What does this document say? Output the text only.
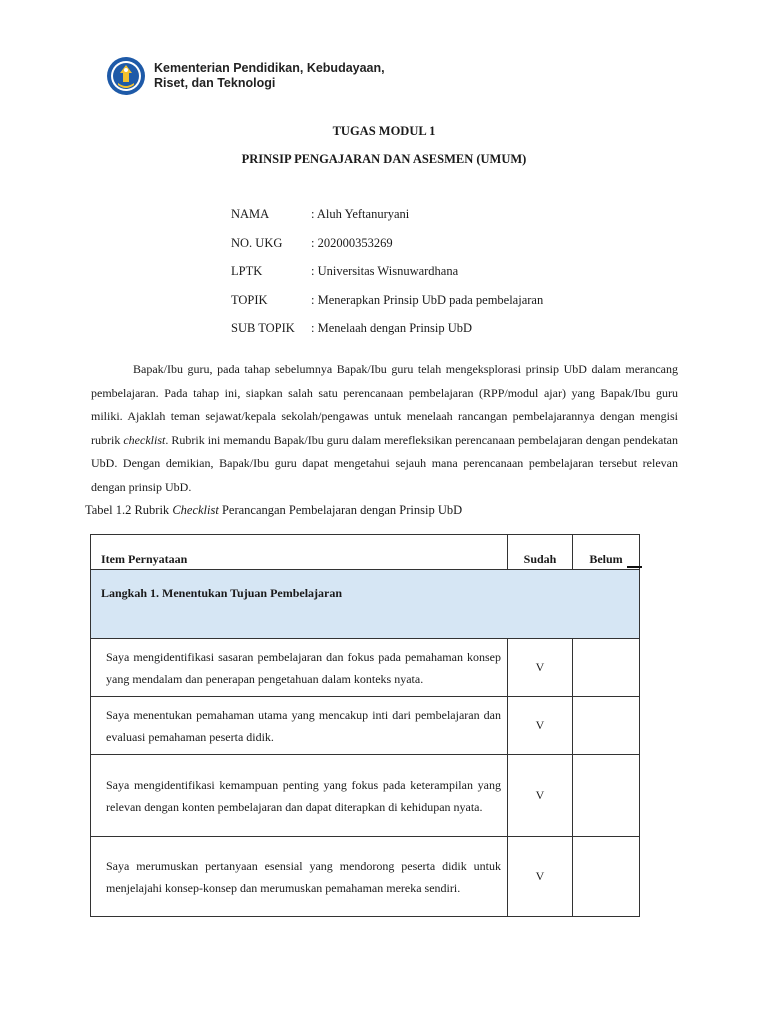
Kementerian Pendidikan, Kebudayaan,
Riset, dan Teknologi
TUGAS MODUL 1
PRINSIP PENGAJARAN DAN ASESMEN (UMUM)
NAMA	: Aluh Yeftanuryani
NO. UKG	: 202000353269
LPTK	: Universitas Wisnuwardhana
TOPIK	: Menerapkan Prinsip UbD pada pembelajaran
SUB TOPIK	: Menelaah dengan Prinsip UbD
Bapak/Ibu guru, pada tahap sebelumnya Bapak/Ibu guru telah mengeksplorasi prinsip UbD dalam merancang pembelajaran. Pada tahap ini, siapkan salah satu perencanaan pembelajaran (RPP/modul ajar) yang Bapak/Ibu guru miliki. Ajaklah teman sejawat/kepala sekolah/pengawas untuk menelaah rancangan pembelajarannya dengan mengisi rubrik checklist. Rubrik ini memandu Bapak/Ibu guru dalam merefleksikan perencanaan pembelajaran dengan pendekatan UbD. Dengan demikian, Bapak/Ibu guru dapat mengetahui sejauh mana perencanaan pembelajaran tersebut relevan dengan prinsip UbD.
Tabel 1.2 Rubrik Checklist Perancangan Pembelajaran dengan Prinsip UbD
Item Pernyataan	Sudah	Belum
Langkah 1. Menentukan Tujuan Pembelajaran		
Saya mengidentifikasi sasaran pembelajaran dan fokus pada pemahaman konsep yang mendalam dan penerapan pengetahuan dalam konteks nyata.	V	
Saya menentukan pemahaman utama yang mencakup inti dari pembelajaran dan evaluasi pemahaman peserta didik.	V	
Saya mengidentifikasi kemampuan penting yang fokus pada keterampilan yang relevan dengan konten pembelajaran dan dapat diterapkan di kehidupan nyata.	V	
Saya merumuskan pertanyaan esensial yang mendorong peserta didik untuk menjelajahi konsep-konsep dan merumuskan pemahaman mereka sendiri.	V	
